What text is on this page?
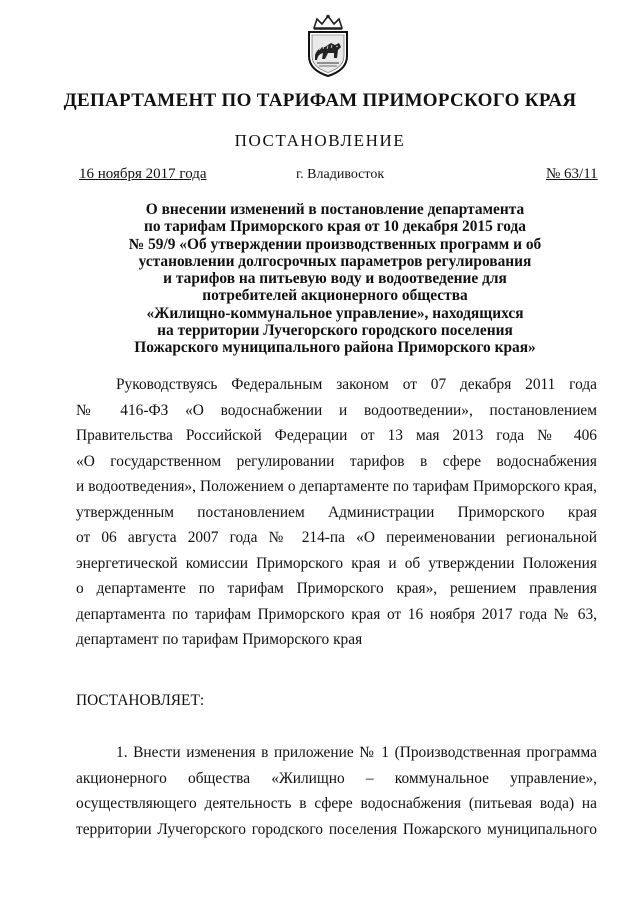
ДЕПАРТАМЕНТ ПО ТАРИФАМ ПРИМОРСКОГО КРАЯ
ПОСТАНОВЛЕНИЕ
16 ноября 2017 года	г. Владивосток	№ 63/11
О внесении изменений в постановление департамента
по тарифам Приморского края от 10 декабря 2015 года
№ 59/9 «Об утверждении производственных программ и об
установлении долгосрочных параметров регулирования
и тарифов на питьевую воду и водоотведение для
потребителей акционерного общества
«Жилищно-коммунальное управление», находящихся
на территории Лучегорского городского поселения
Пожарского муниципального района Приморского края»
Руководствуясь Федеральным законом от 07 декабря 2011 года
№ 416-ФЗ «О водоснабжении и водоотведении», постановлением
Правительства Российской Федерации от 13 мая 2013 года № 406
«О государственном регулировании тарифов в сфере водоснабжения
и водоотведения», Положением о департаменте по тарифам Приморского края,
утвержденным постановлением Администрации Приморского края
от 06 августа 2007 года № 214-па «О переименовании региональной
энергетической комиссии Приморского края и об утверждении Положения
о департаменте по тарифам Приморского края», решением правления
департамента по тарифам Приморского края от 16 ноября 2017 года № 63,
департамент по тарифам Приморского края
ПОСТАНОВЛЯЕТ:
1. Внести изменения в приложение № 1 (Производственная программа
акционерного общества «Жилищно – коммунальное управление»,
осуществляющего деятельность в сфере водоснабжения (питьевая вода) на
территории Лучегорского городского поселения Пожарского муниципального
